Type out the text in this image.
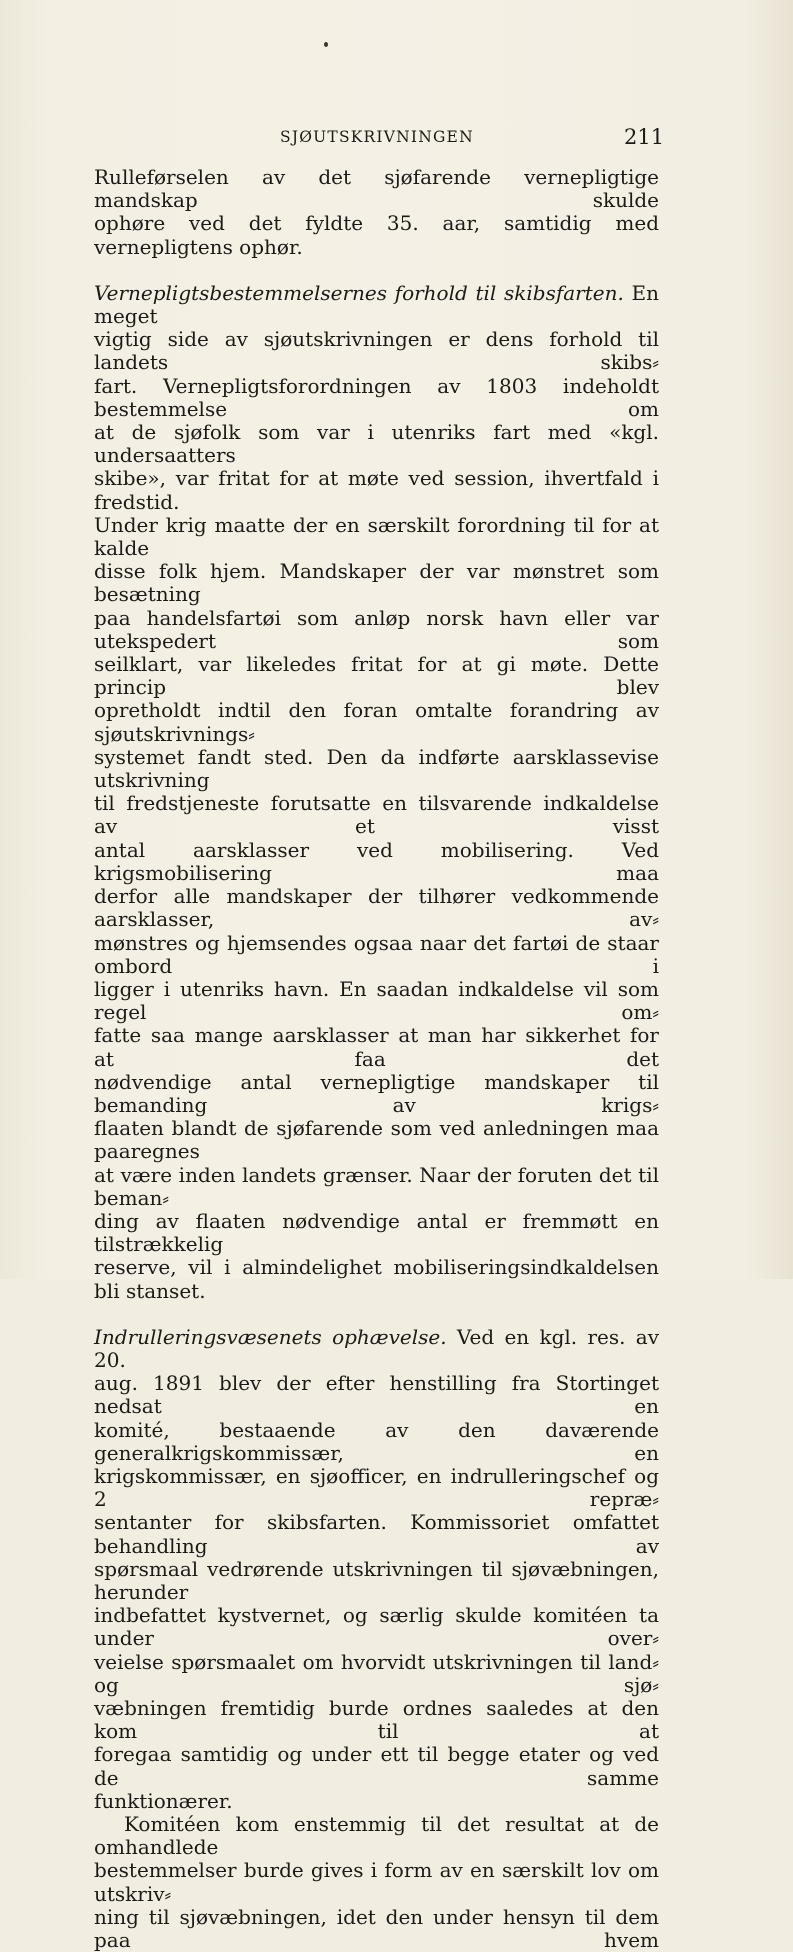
SJØUTSKRIVNINGEN	211

Rulleførselen av det sjøfarende vernepligtige mandskap skulde

ophøre ved det fyldte 35. aar, samtidig med vernepligtens ophør.

Vernepligtsbestemmelsernes forhold til skibsfarten. En meget

vigtig side av sjøutskrivningen er dens forhold til landets skibs⸗

fart. Vernepligtsforordningen av 1803 indeholdt bestemmelse om

at de sjøfolk som var i utenriks fart med «kgl. undersaatters

skibe», var fritat for at møte ved session, ihvertfald i fredstid.

Under krig maatte der en særskilt forordning til for at kalde

disse folk hjem. Mandskaper der var mønstret som besætning

paa handelsfartøi som anløp norsk havn eller var utekspedert som

seilklart, var likeledes fritat for at gi møte. Dette princip blev

opretholdt indtil den foran omtalte forandring av sjøutskrivnings⸗

systemet fandt sted. Den da indførte aarsklassevise utskrivning

til fredstjeneste forutsatte en tilsvarende indkaldelse av et visst

antal aarsklasser ved mobilisering. Ved krigsmobilisering maa

derfor alle mandskaper der tilhører vedkommende aarsklasser, av⸗

mønstres og hjemsendes ogsaa naar det fartøi de staar ombord i

ligger i utenriks havn. En saadan indkaldelse vil som regel om⸗

fatte saa mange aarsklasser at man har sikkerhet for at faa det

nødvendige antal vernepligtige mandskaper til bemanding av krigs⸗

flaaten blandt de sjøfarende som ved anledningen maa paaregnes

at være inden landets grænser. Naar der foruten det til beman⸗

ding av flaaten nødvendige antal er fremmøtt en tilstrækkelig

reserve, vil i almindelighet mobiliseringsindkaldelsen bli stanset.

Indrulleringsvæsenets ophævelse. Ved en kgl. res. av 20.

aug. 1891 blev der efter henstilling fra Stortinget nedsat en

komité, bestaaende av den daværende generalkrigskommissær, en

krigskommissær, en sjøofficer, en indrulleringschef og 2 repræ⸗

sentanter for skibsfarten. Kommissoriet omfattet behandling av

spørsmaal vedrørende utskrivningen til sjøvæbningen, herunder

indbefattet kystvernet, og særlig skulde komitéen ta under over⸗

veielse spørsmaalet om hvorvidt utskrivningen til land⸗ og sjø⸗

væbningen fremtidig burde ordnes saaledes at den kom til at

foregaa samtidig og under ett til begge etater og ved de samme

funktionærer.

Komitéen kom enstemmig til det resultat at de omhandlede

bestemmelser burde gives i form av en særskilt lov om utskriv⸗

ning til sjøvæbningen, idet den under hensyn til dem paa hvem
